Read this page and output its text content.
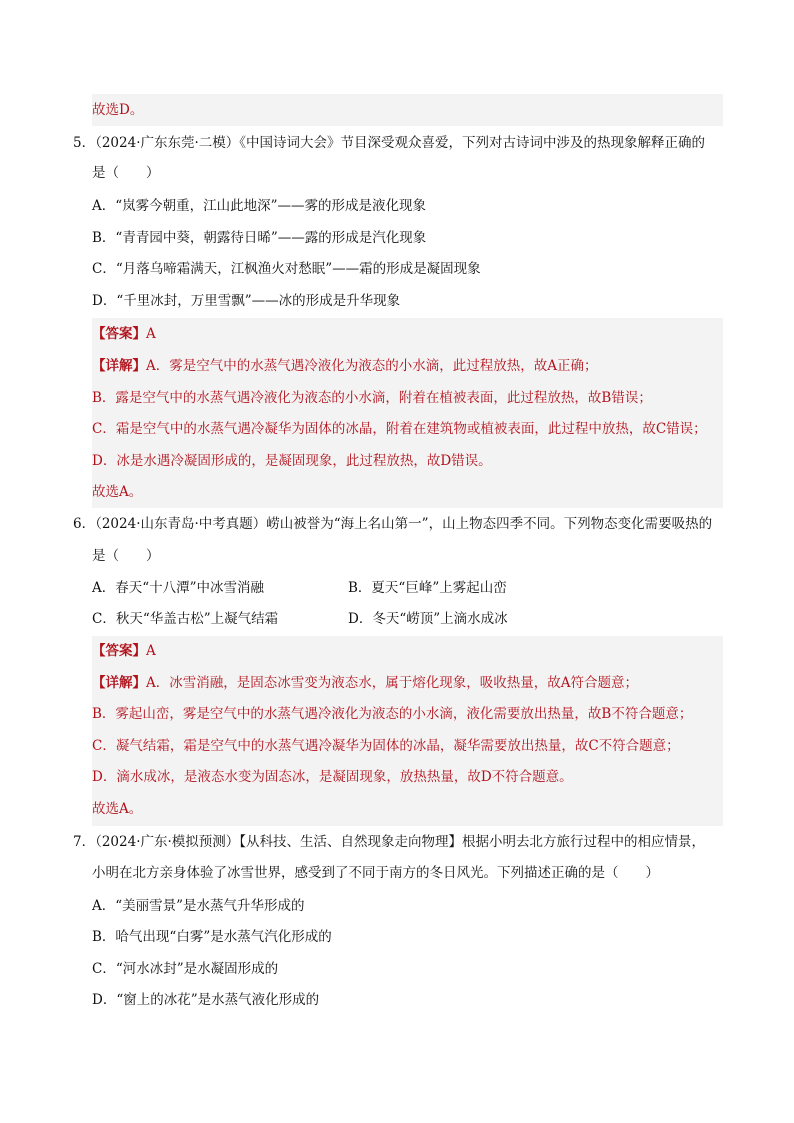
故选D。
5．（2024·广东东莞·二模）《中国诗词大会》节目深受观众喜爱，下列对古诗词中涉及的热现象解释正确的
是（　　）
A．“岚雾今朝重，江山此地深”——雾的形成是液化现象
B．“青青园中葵，朝露待日晞”——露的形成是汽化现象
C．“月落乌啼霜满天，江枫渔火对愁眠”——霜的形成是凝固现象
D．“千里冰封，万里雪飘”——冰的形成是升华现象
【答案】A
【详解】A．雾是空气中的水蒸气遇冷液化为液态的小水滴，此过程放热，故A正确；
B．露是空气中的水蒸气遇冷液化为液态的小水滴，附着在植被表面，此过程放热，故B错误；
C．霜是空气中的水蒸气遇冷凝华为固体的冰晶，附着在建筑物或植被表面，此过程中放热，故C错误；
D．冰是水遇冷凝固形成的，是凝固现象，此过程放热，故D错误。
故选A。
6．（2024·山东青岛·中考真题）崂山被誉为“海上名山第一”，山上物态四季不同。下列物态变化需要吸热的
是（　　）
A．春天“十八潭”中冰雪消融	B．夏天“巨峰”上雾起山峦
C．秋天“华盖古松”上凝气结霜	D．冬天“崂顶”上滴水成冰
【答案】A
【详解】A．冰雪消融，是固态冰雪变为液态水，属于熔化现象，吸收热量，故A符合题意；
B．雾起山峦，雾是空气中的水蒸气遇冷液化为液态的小水滴，液化需要放出热量，故B不符合题意；
C．凝气结霜，霜是空气中的水蒸气遇冷凝华为固体的冰晶，凝华需要放出热量，故C不符合题意；
D．滴水成冰，是液态水变为固态冰，是凝固现象，放热热量，故D不符合题意。
故选A。
7．（2024·广东·模拟预测）【从科技、生活、自然现象走向物理】根据小明去北方旅行过程中的相应情景，
小明在北方亲身体验了冰雪世界，感受到了不同于南方的冬日风光。下列描述正确的是（　　）
A．“美丽雪景”是水蒸气升华形成的
B．哈气出现“白雾”是水蒸气汽化形成的
C．“河水冰封”是水凝固形成的
D．“窗上的冰花”是水蒸气液化形成的
